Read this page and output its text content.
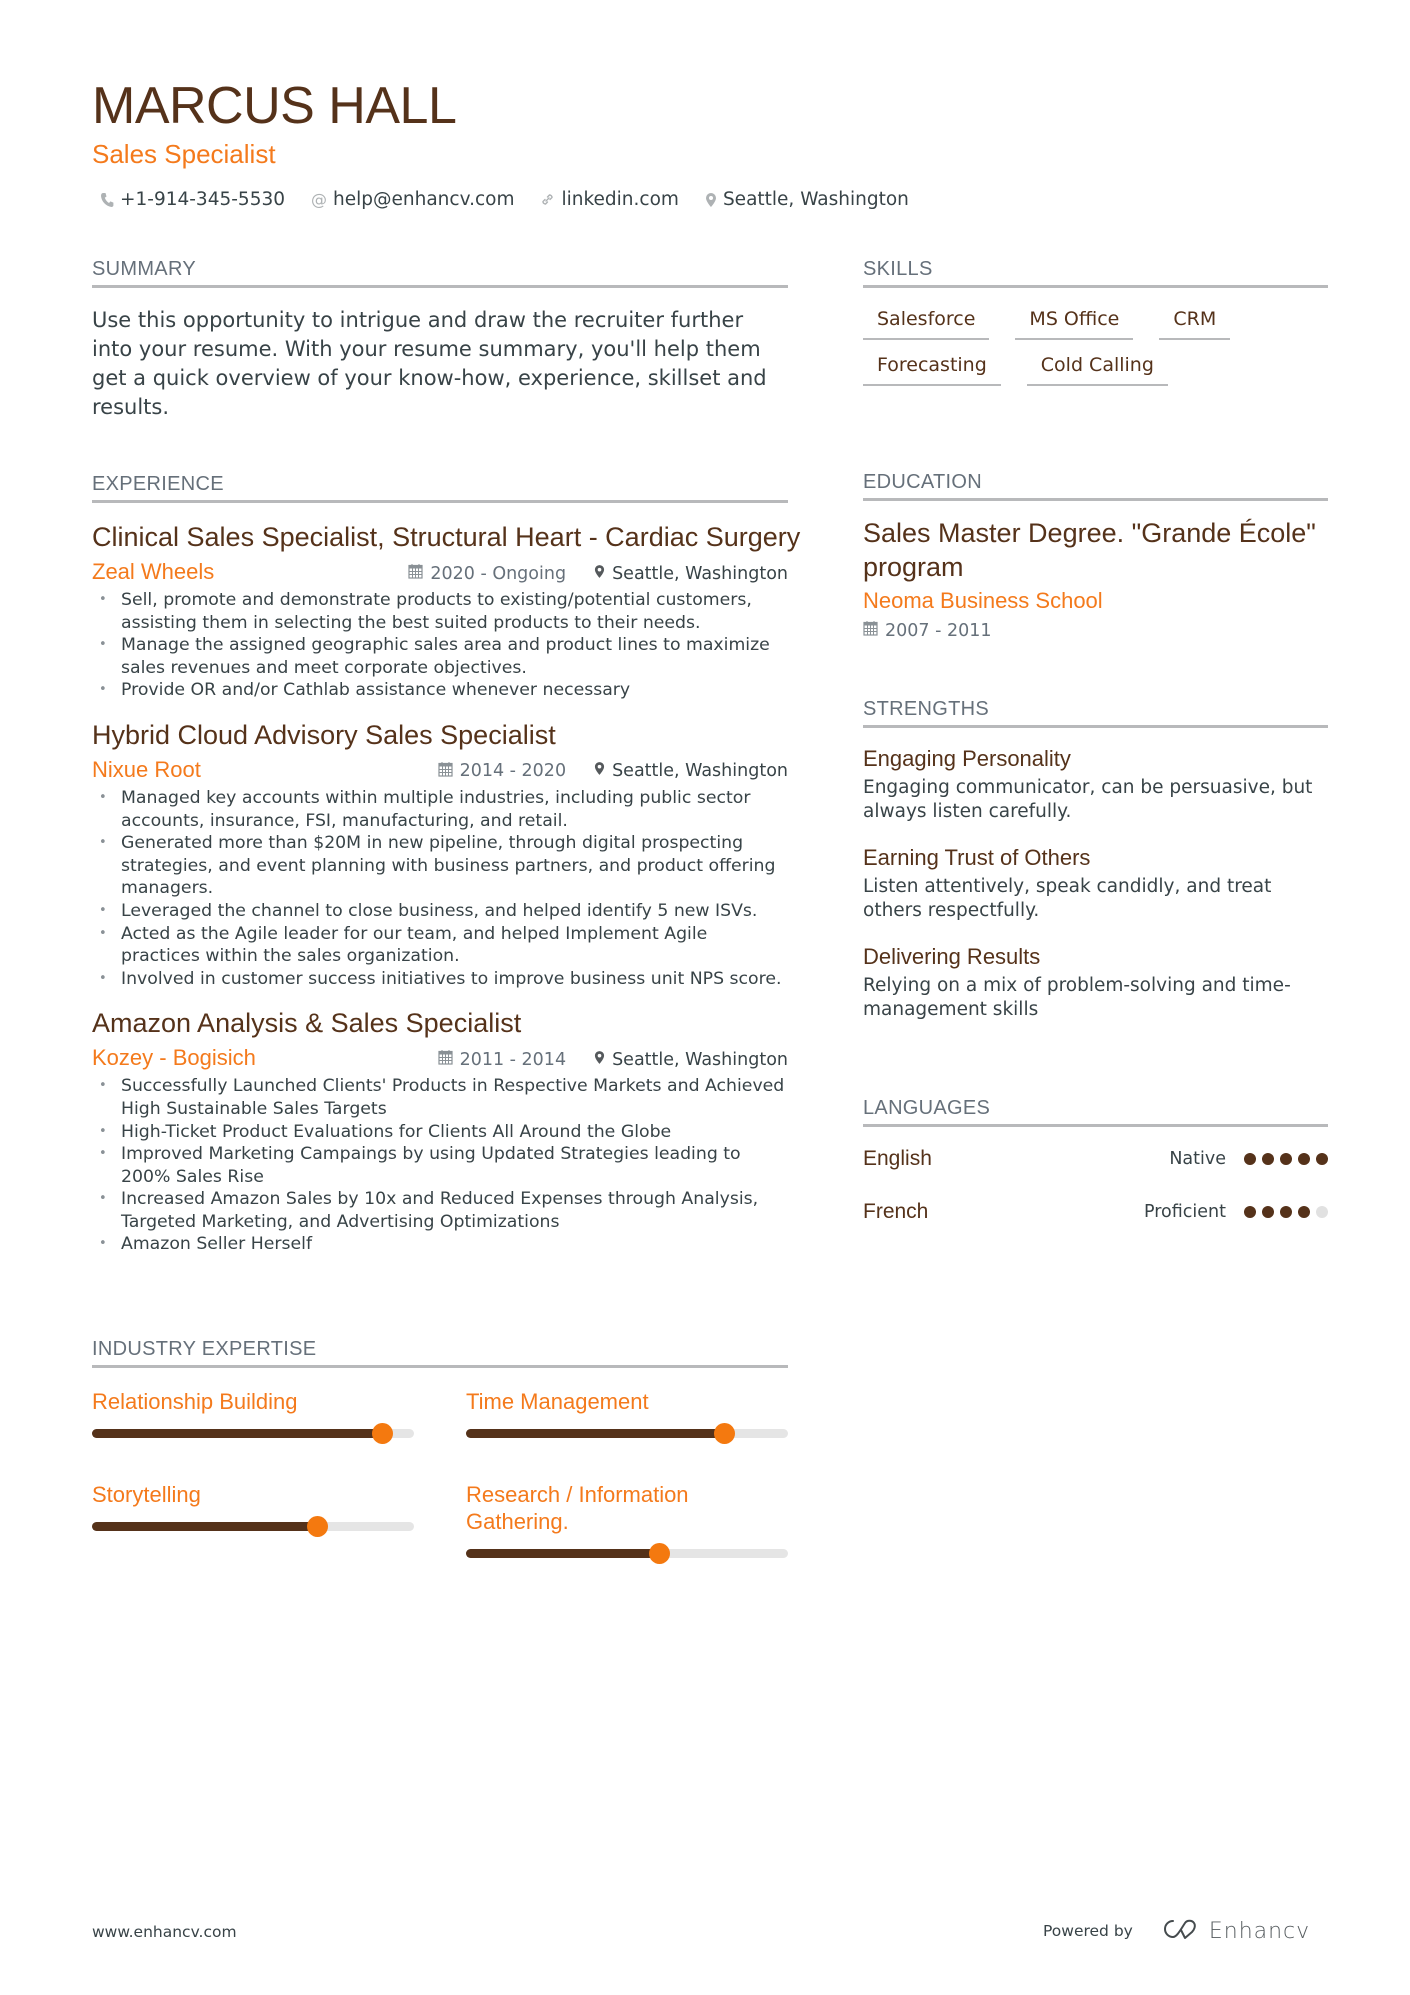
MARCUS HALL
Sales Specialist
+1-914-345-5530 @ help@enhancv.com	linkedin.com Seattle, Washington
SUMMARY

Use this opportunity to intrigue and draw the recruiter further into your resume. With your resume summary, you'll help them get a quick overview of your know-how, experience, skillset and results.

EXPERIENCE
Clinical Sales Specialist, Structural Heart - Cardiac Surgery
Zeal Wheels	2020 - Ongoing	Seattle, Washington
• Sell, promote and demonstrate products to existing/potential customers, assisting them in selecting the best suited products to their needs.
• Manage the assigned geographic sales area and product lines to maximize sales revenues and meet corporate objectives.
• Provide OR and/or Cathlab assistance whenever necessary
Hybrid Cloud Advisory Sales Specialist
Nixue Root	2014 - 2020	Seattle, Washington
• Managed key accounts within multiple industries, including public sector accounts, insurance, FSI, manufacturing, and retail.
• Generated more than $20M in new pipeline, through digital prospecting strategies, and event planning with business partners, and product offering managers.
• Leveraged the channel to close business, and helped identify 5 new ISVs.
• Acted as the Agile leader for our team, and helped Implement Agile practices within the sales organization.
• Involved in customer success initiatives to improve business unit NPS score.
Amazon Analysis & Sales Specialist
Kozey - Bogisich	2011 - 2014	Seattle, Washington
• Successfully Launched Clients' Products in Respective Markets and Achieved High Sustainable Sales Targets
• High-Ticket Product Evaluations for Clients All Around the Globe
• Improved Marketing Campaings by using Updated Strategies leading to 200% Sales Rise
• Increased Amazon Sales by 10x and Reduced Expenses through Analysis, Targeted Marketing, and Advertising Optimizations
• Amazon Seller Herself
INDUSTRY EXPERTISE
Relationship Building	Time Management
Storytelling	Research / Information Gathering.
SKILLS
Salesforce	MS Office	CRM
Forecasting	Cold Calling
EDUCATION
Sales Master Degree. "Grande École" program
Neoma Business School
2007 - 2011
STRENGTHS
Engaging Personality
Engaging communicator, can be persuasive, but always listen carefully.
Earning Trust of Others
Listen attentively, speak candidly, and treat others respectfully.
Delivering Results
Relying on a mix of problem-solving and time-management skills
LANGUAGES
English	Native
French	Proficient
www.enhancv.com	Powered by	Enhancv
